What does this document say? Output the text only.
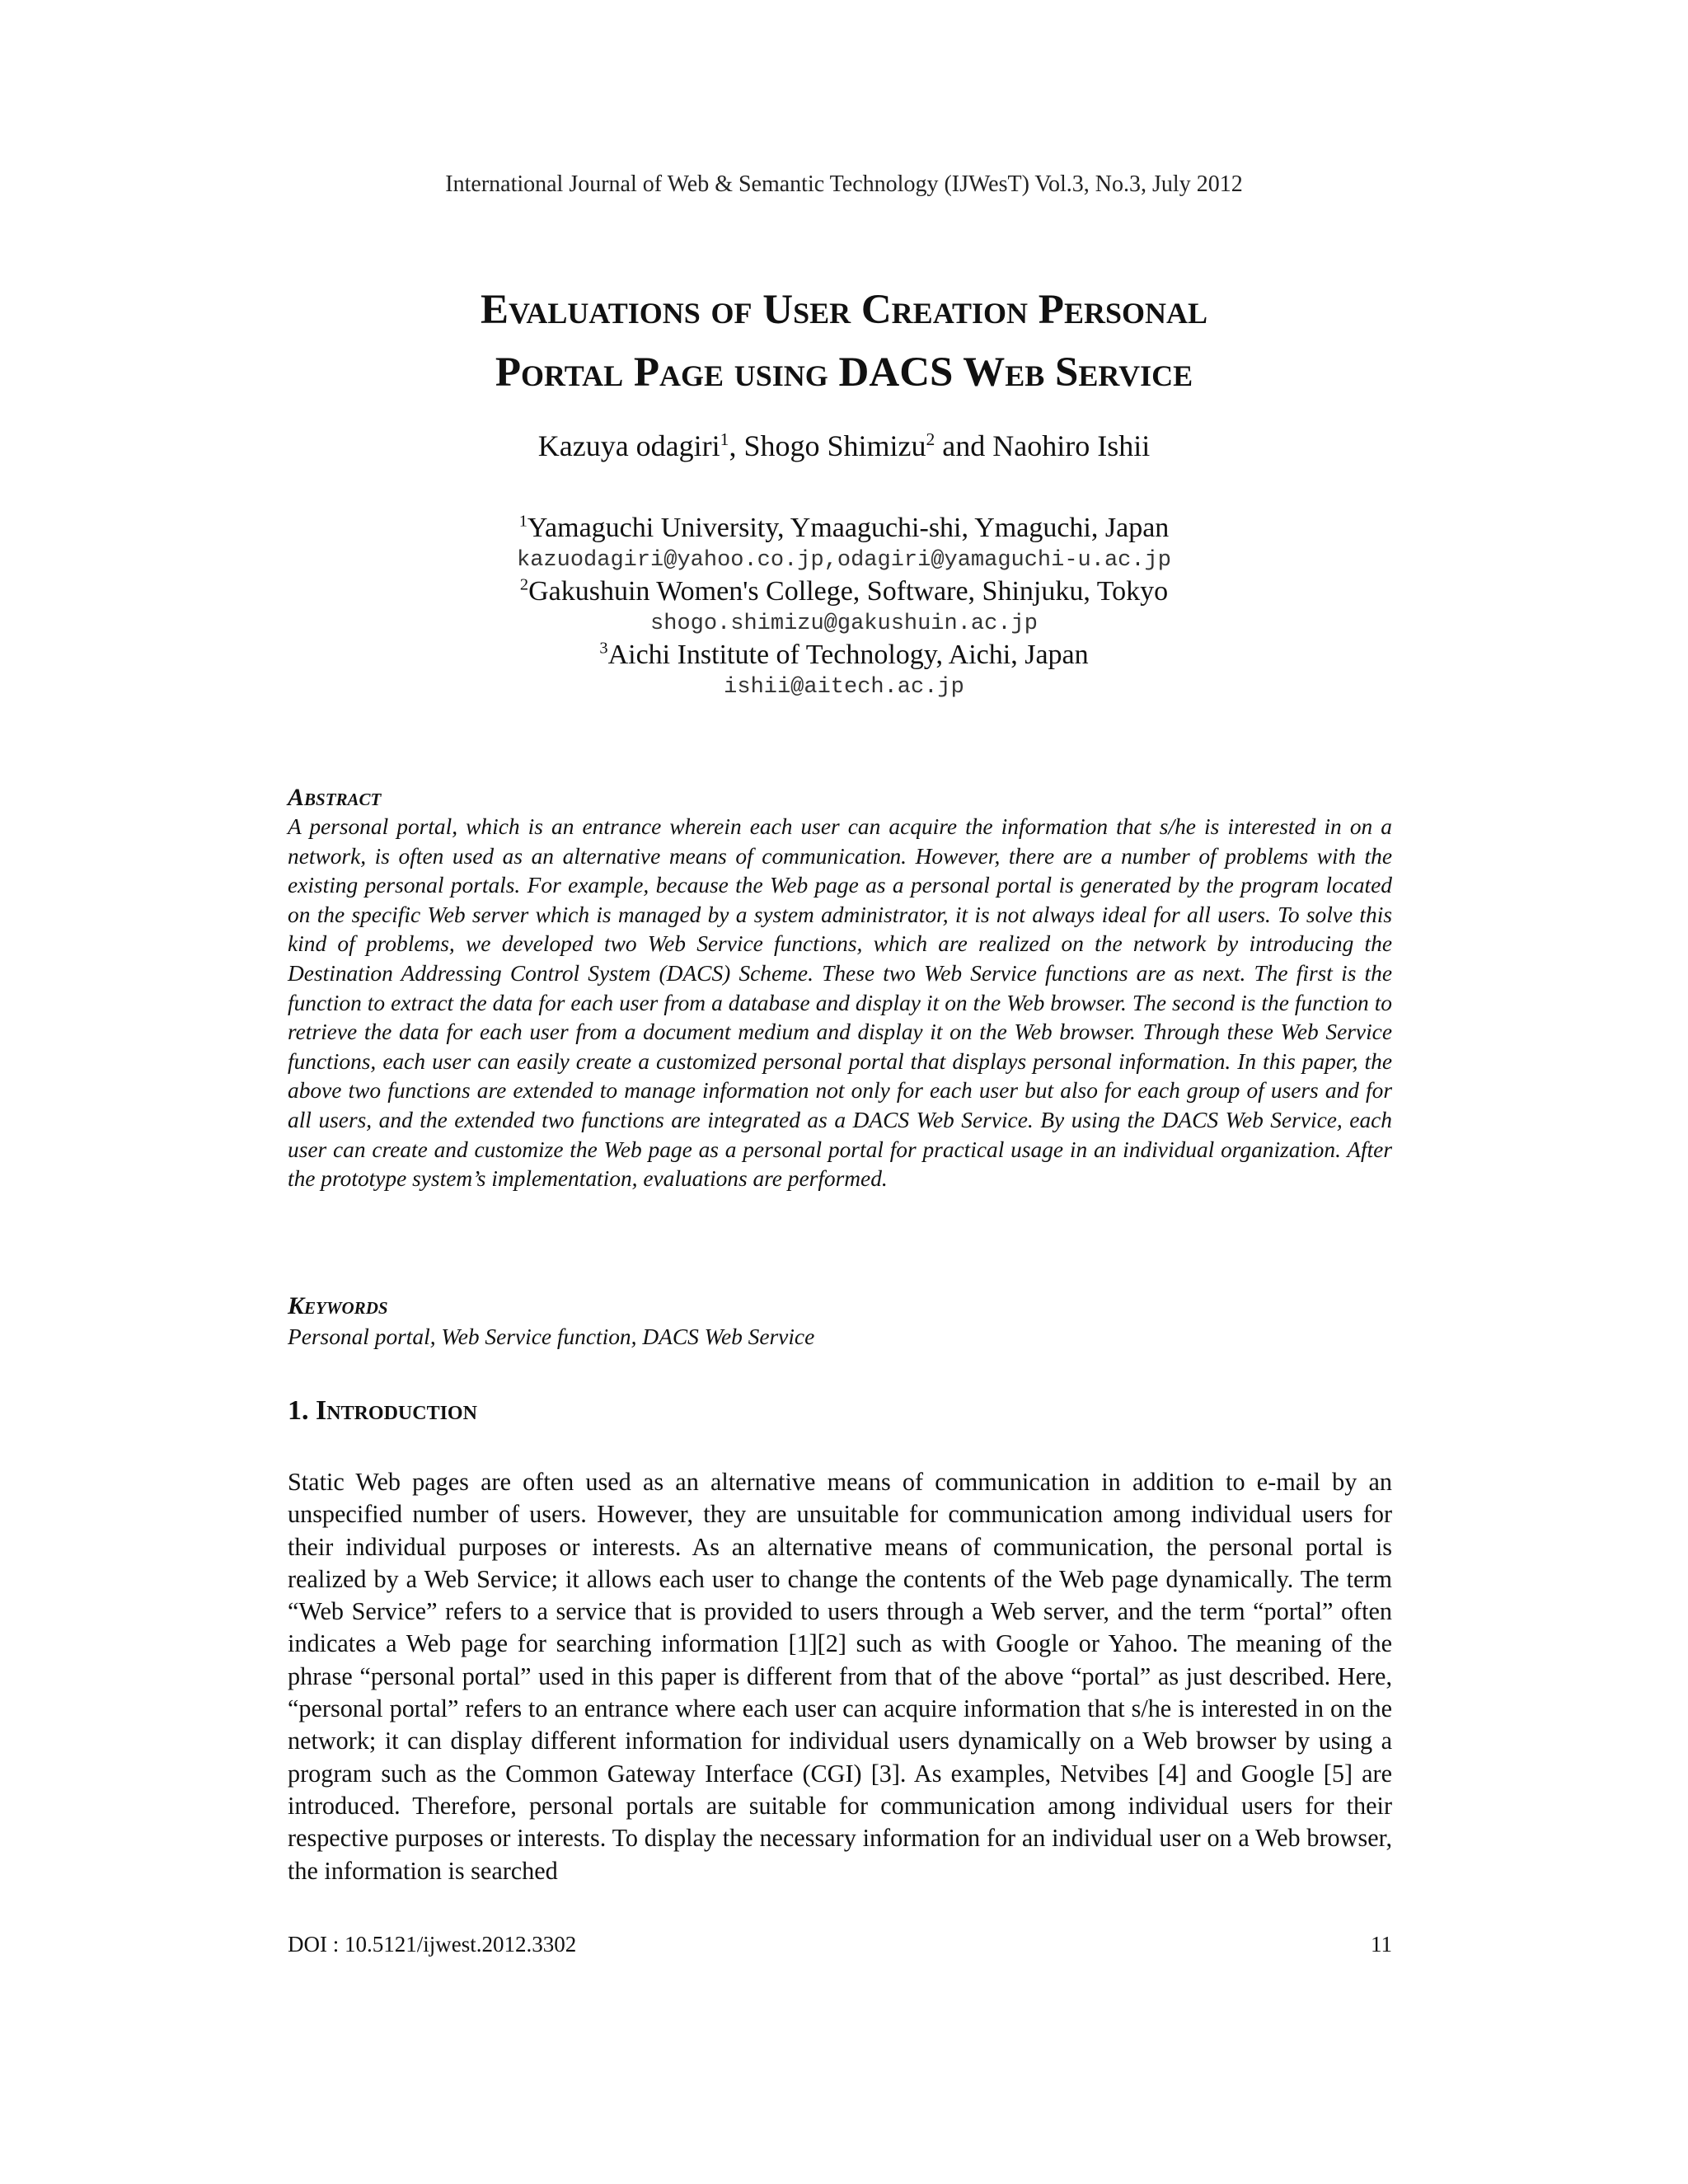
International Journal of Web & Semantic Technology (IJWesT) Vol.3, No.3, July 2012
Evaluations of User Creation Personal
Portal Page using DACS Web Service
Kazuya odagiri$^1$, Shogo Shimizu$^2$ and Naohiro Ishii
$^1$Yamaguchi University, Ymaaguchi-shi, Ymaguchi, Japan
kazuodagiri@yahoo.co.jp,odagiri@yamaguchi-u.ac.jp
$^2$Gakushuin Women's College, Software, Shinjuku, Tokyo
shogo.shimizu@gakushuin.ac.jp
$^3$Aichi Institute of Technology, Aichi, Japan
ishii@aitech.ac.jp
Abstract
A personal portal, which is an entrance wherein each user can acquire the information that s/he is interested in on a network, is often used as an alternative means of communication. However, there are a number of problems with the existing personal portals. For example, because the Web page as a personal portal is generated by the program located on the specific Web server which is managed by a system administrator, it is not always ideal for all users. To solve this kind of problems, we developed two Web Service functions, which are realized on the network by introducing the Destination Addressing Control System (DACS) Scheme. These two Web Service functions are as next. The first is the function to extract the data for each user from a database and display it on the Web browser. The second is the function to retrieve the data for each user from a document medium and display it on the Web browser. Through these Web Service functions, each user can easily create a customized personal portal that displays personal information. In this paper, the above two functions are extended to manage information not only for each user but also for each group of users and for all users, and the extended two functions are integrated as a DACS Web Service. By using the DACS Web Service, each user can create and customize the Web page as a personal portal for practical usage in an individual organization. After the prototype system’s implementation, evaluations are performed.
Keywords
Personal portal, Web Service function, DACS Web Service
1. Introduction
Static Web pages are often used as an alternative means of communication in addition to e-mail by an unspecified number of users. However, they are unsuitable for communication among individual users for their individual purposes or interests. As an alternative means of communication, the personal portal is realized by a Web Service; it allows each user to change the contents of the Web page dynamically. The term “Web Service” refers to a service that is provided to users through a Web server, and the term “portal” often indicates a Web page for searching information [1][2] such as with Google or Yahoo. The meaning of the phrase “personal portal” used in this paper is different from that of the above “portal” as just described. Here, “personal portal” refers to an entrance where each user can acquire information that s/he is interested in on the network; it can display different information for individual users dynamically on a Web browser by using a program such as the Common Gateway Interface (CGI) [3]. As examples, Netvibes [4] and Google [5] are introduced. Therefore, personal portals are suitable for communication among individual users for their respective purposes or interests. To display the necessary information for an individual user on a Web browser, the information is searched
DOI : 10.5121/ijwest.2012.3302	11
